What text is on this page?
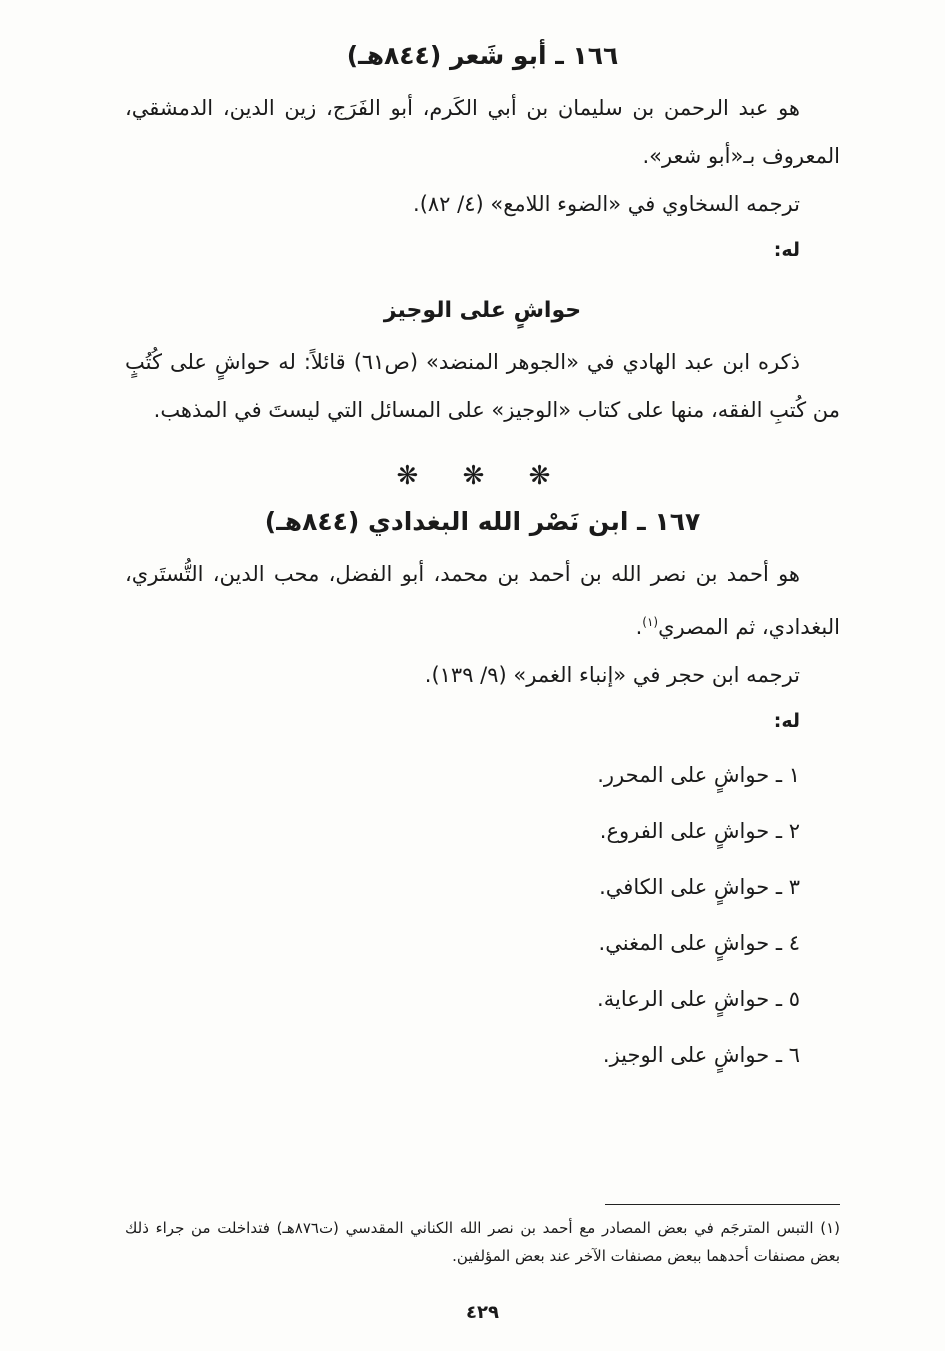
١٦٦ ـ أبو شَعر (٨٤٤هـ)

هو عبد الرحمن بن سليمان بن أبي الكَرم، أبو الفَرَج، زين الدين، الدمشقي، المعروف بـ«أبو شعر».

ترجمه السخاوي في «الضوء اللامع» (٤/ ٨٢).

له:

حواشٍ على الوجيز

ذكره ابن عبد الهادي في «الجوهر المنضد» (ص٦١) قائلاً: له حواشٍ على كُتُبٍ من كُتبِ الفقه، منها على كتاب «الوجيز» على المسائل التي ليستَ في المذهب.

❋ ❋ ❋
١٦٧ ـ ابن نَصْر الله البغدادي (٨٤٤هـ)

هو أحمد بن نصر الله بن أحمد بن محمد، أبو الفضل، محب الدين، التُّستَري، البغدادي، ثم المصري$^{(١)}$.

ترجمه ابن حجر في «إنباء الغمر» (٩/ ١٣٩).

له:

١ ـ حواشٍ على المحرر.
٢ ـ حواشٍ على الفروع.
٣ ـ حواشٍ على الكافي.
٤ ـ حواشٍ على المغني.
٥ ـ حواشٍ على الرعاية.
٦ ـ حواشٍ على الوجيز.

(١) التبس المترجَم في بعض المصادر مع أحمد بن نصر الله الكناني المقدسي (ت٨٧٦هـ) فتداخلت من جراء ذلك بعض مصنفات أحدهما ببعض مصنفات الآخر عند بعض المؤلفين.

٤٢٩
